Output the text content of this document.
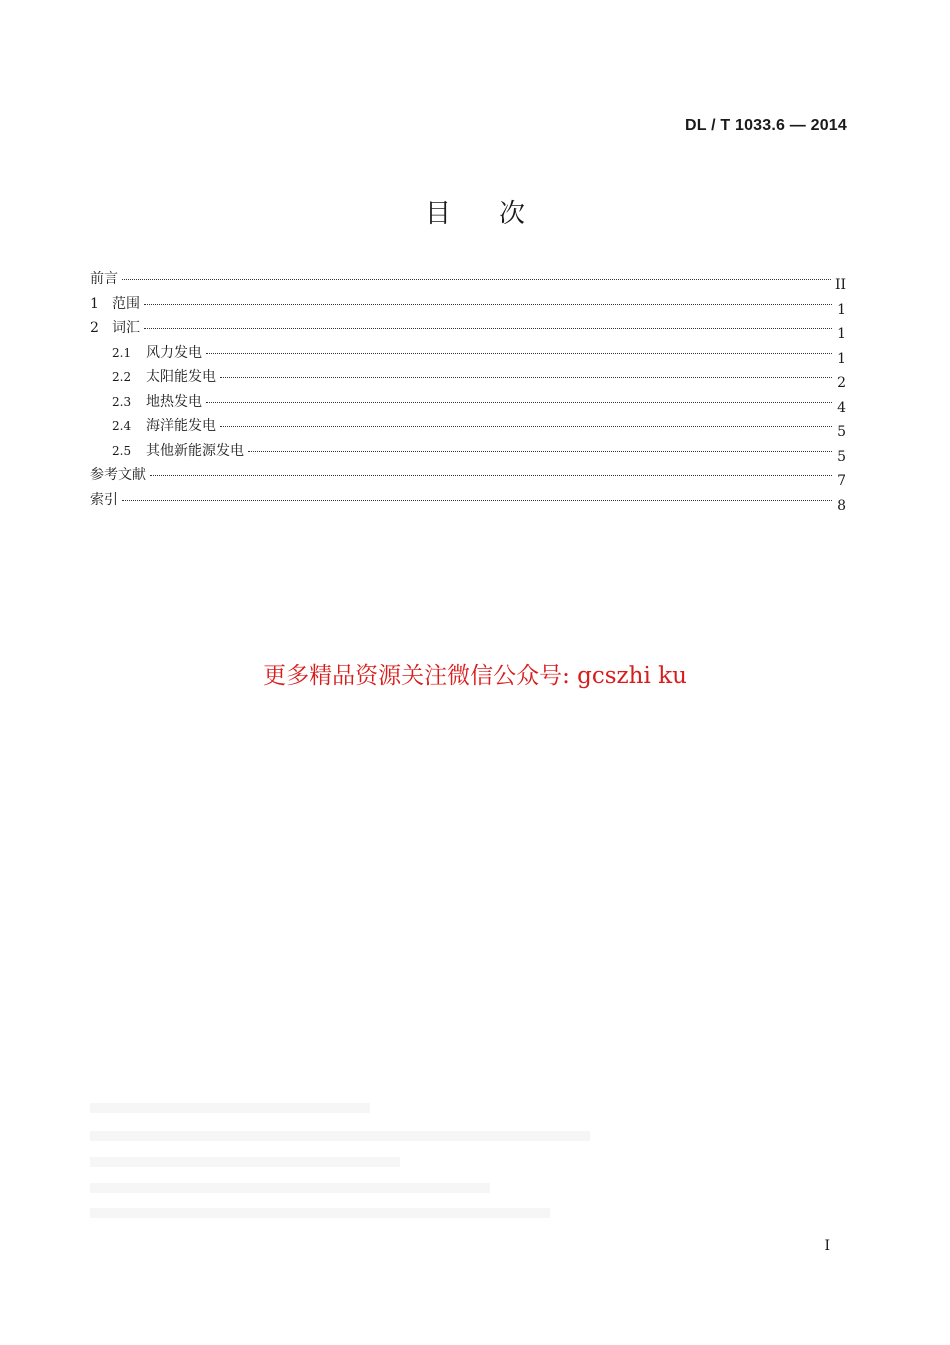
DL / T 1033.6 — 2014
目次
前言	II
1 范围	1
2 词汇	1
2.1	风力发电	1
2.2	太阳能发电	2
2.3	地热发电	4
2.4	海洋能发电	5
2.5	其他新能源发电	5
参考文献	7
索引	8
更多精品资源关注微信公众号: gcszhi ku
I
